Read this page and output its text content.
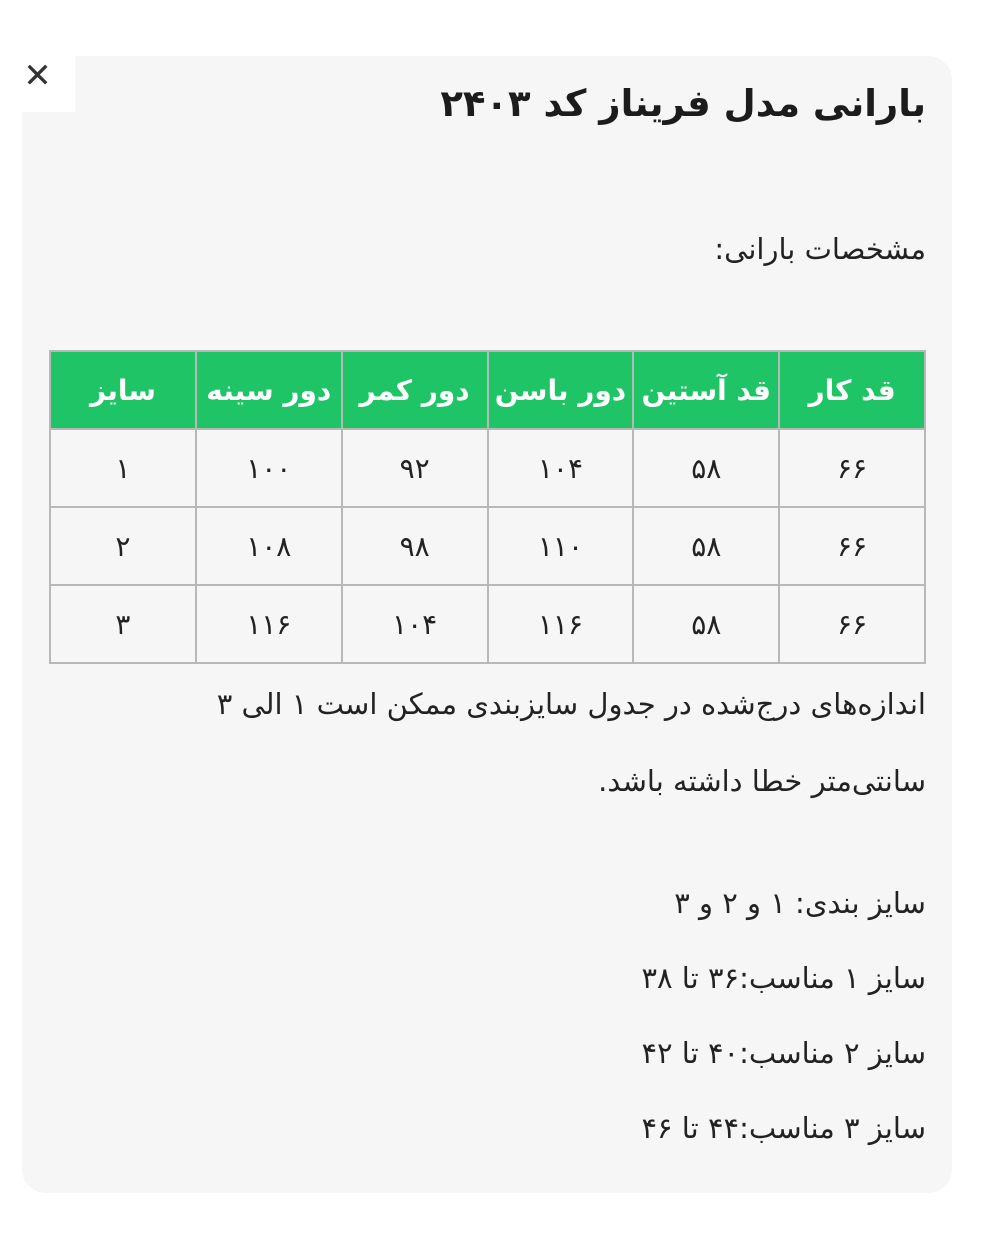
✕
بارانی مدل فریناز کد ۲۴۰۳
مشخصات بارانی:
قد کار	قد آستین	دور باسن	دور کمر	دور سینه	سایز
۶۶	۵۸	۱۰۴	۹۲	۱۰۰	۱
۶۶	۵۸	۱۱۰	۹۸	۱۰۸	۲
۶۶	۵۸	۱۱۶	۱۰۴	۱۱۶	۳

اندازه‌های درج‌شده در جدول سایزبندی ممکن است ۱ الی ۳ سانتی‌متر خطا داشته باشد.

سایز بندی: ۱ و ۲ و ۳
سایز ۱ مناسب:۳۶ تا ۳۸
سایز ۲ مناسب:۴۰ تا ۴۲
سایز ۳ مناسب:۴۴ تا ۴۶
